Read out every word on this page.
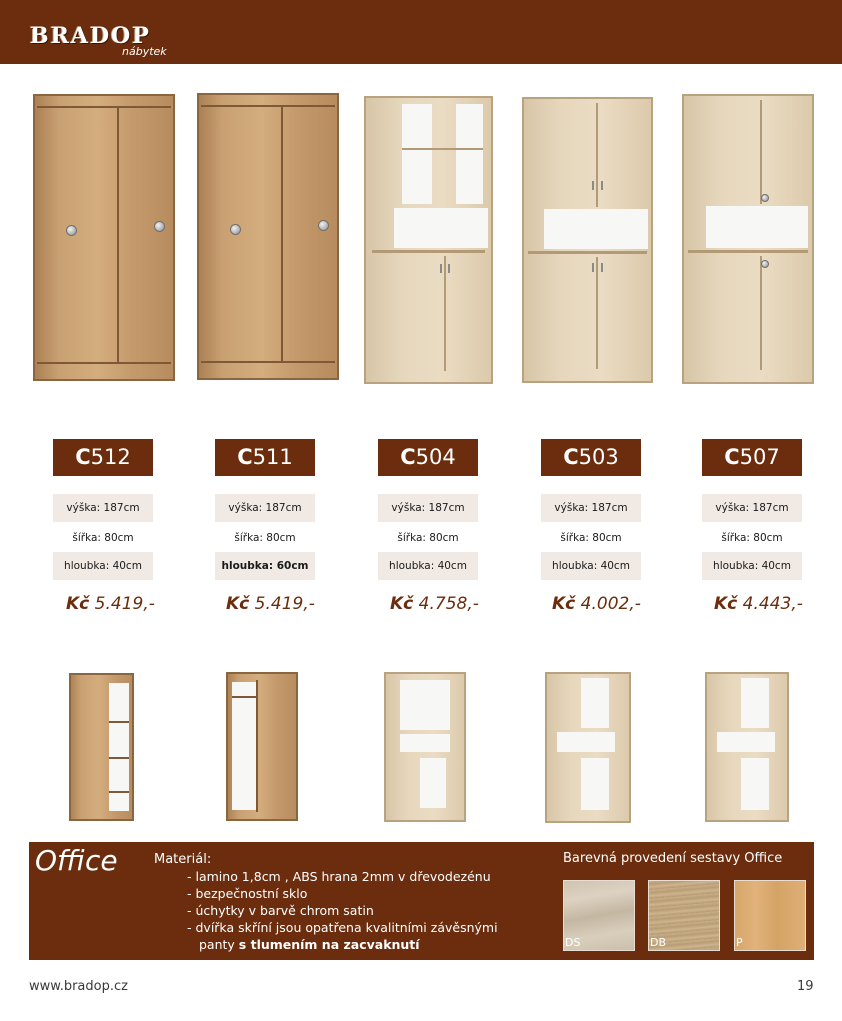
BRADOP
nábytek
C512	C511	C504	C503	C507
výška: 187cm	výška: 187cm	výška: 187cm	výška: 187cm	výška: 187cm
šířka: 80cm	šířka: 80cm	šířka: 80cm	šířka: 80cm	šířka: 80cm
hloubka: 40cm	hloubka: 60cm	hloubka: 40cm	hloubka: 40cm	hloubka: 40cm
Kč 5.419,-	Kč 5.419,-	Kč 4.758,-	Kč 4.002,-	Kč 4.443,-
Office	Materiál:
- lamino 1,8cm , ABS hrana 2mm v dřevodezénu
- bezpečnostní sklo
- úchytky v barvě chrom satin
- dvířka skříní jsou opatřena kvalitními závěsnými
panty s tlumením na zacvaknutí
Barevná provedení sestavy Office
DS	DB	P
www.bradop.cz	19
